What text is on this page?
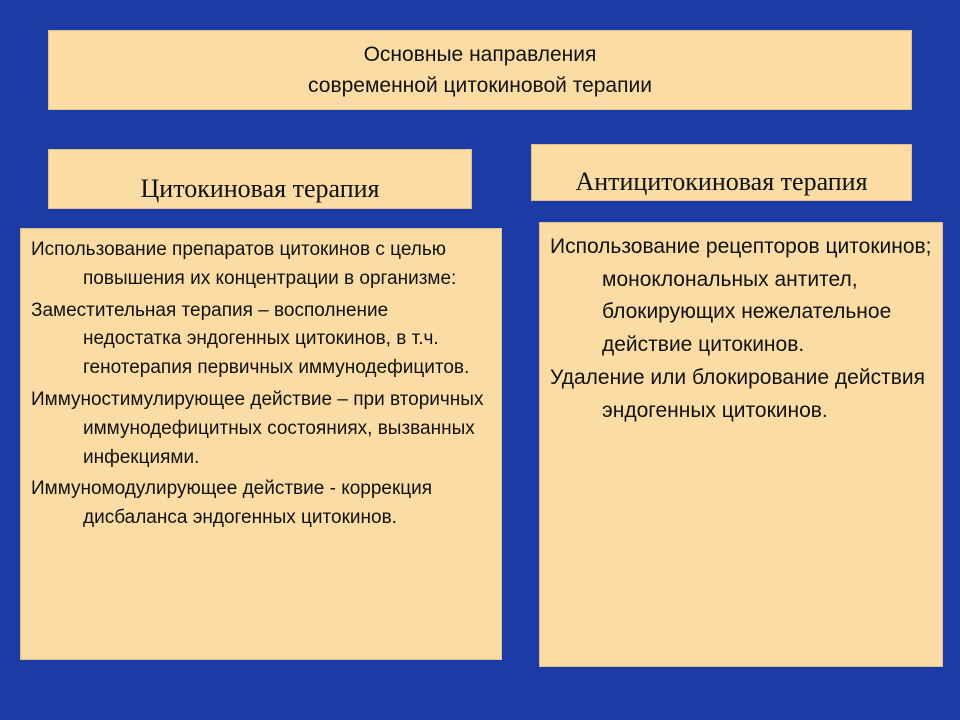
Основные направления
современной цитокиновой терапии
Цитокиновая терапия	Антицитокиновая терапия

Использование препаратов цитокинов с целью повышения их концентрации в организме:

Заместительная терапия – восполнение недостатка эндогенных цитокинов, в т.ч. генотерапия первичных иммунодефицитов.

Иммуностимулирующее действие – при вторичных иммунодефицитных состояниях, вызванных инфекциями.

Иммуномодулирующее действие - коррекция дисбаланса эндогенных цитокинов.

Использование рецепторов цитокинов; моноклональных антител, блокирующих нежелательное действие цитокинов.

Удаление или блокирование действия эндогенных цитокинов.
